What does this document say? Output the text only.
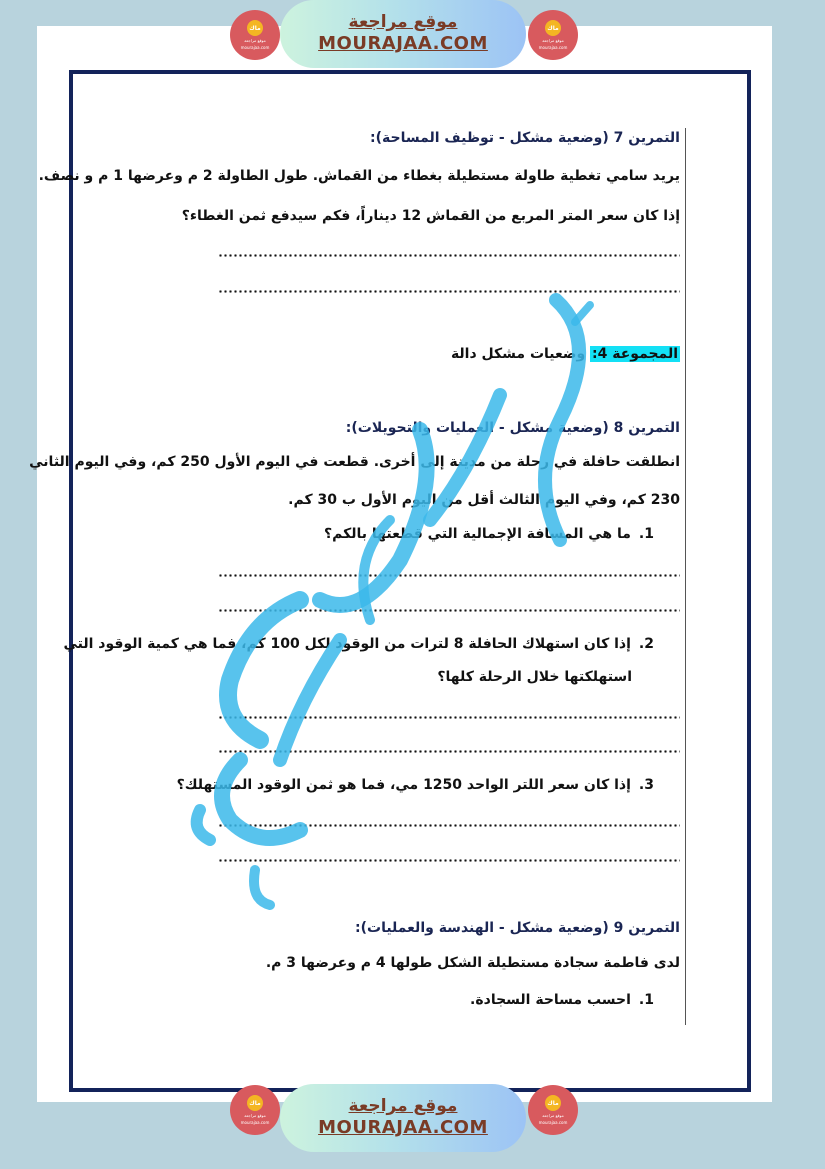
ماك
موقع مراجعة
mourajaa.com
موقع مراجعة
MOURAJAA.COM
ماك
موقع مراجعة
mourajaa.com
التمرين 7 (وضعية مشكل - توظيف المساحة):
يريد سامي تغطية طاولة مستطيلة بغطاء من القماش. طول الطاولة 2 م وعرضها 1 م و نصف.
إذا كان سعر المتر المربع من القماش 12 ديناراً، فكم سيدفع ثمن الغطاء؟
المجموعة 4: وضعيات مشكل دالة
التمرين 8 (وضعية مشكل - العمليات والتحويلات):
انطلقت حافلة في رحلة من مدينة إلى أخرى. قطعت في اليوم الأول 250 كم، وفي اليوم الثاني
230 كم، وفي اليوم الثالث أقل من اليوم الأول ب 30 كم.
1.ما هي المسافة الإجمالية التي قطعتها بالكم؟
2.إذا كان استهلاك الحافلة 8 لترات من الوقود لكل 100 كم، فما هي كمية الوقود التي
استهلكتها خلال الرحلة كلها؟
3.إذا كان سعر اللتر الواحد 1250 مي، فما هو ثمن الوقود المستهلك؟
التمرين 9 (وضعية مشكل - الهندسة والعمليات):
لدى فاطمة سجادة مستطيلة الشكل طولها 4 م وعرضها 3 م.
1.احسب مساحة السجادة.
ماك
موقع مراجعة
mourajaa.com
موقع مراجعة
MOURAJAA.COM
ماك
موقع مراجعة
mourajaa.com
